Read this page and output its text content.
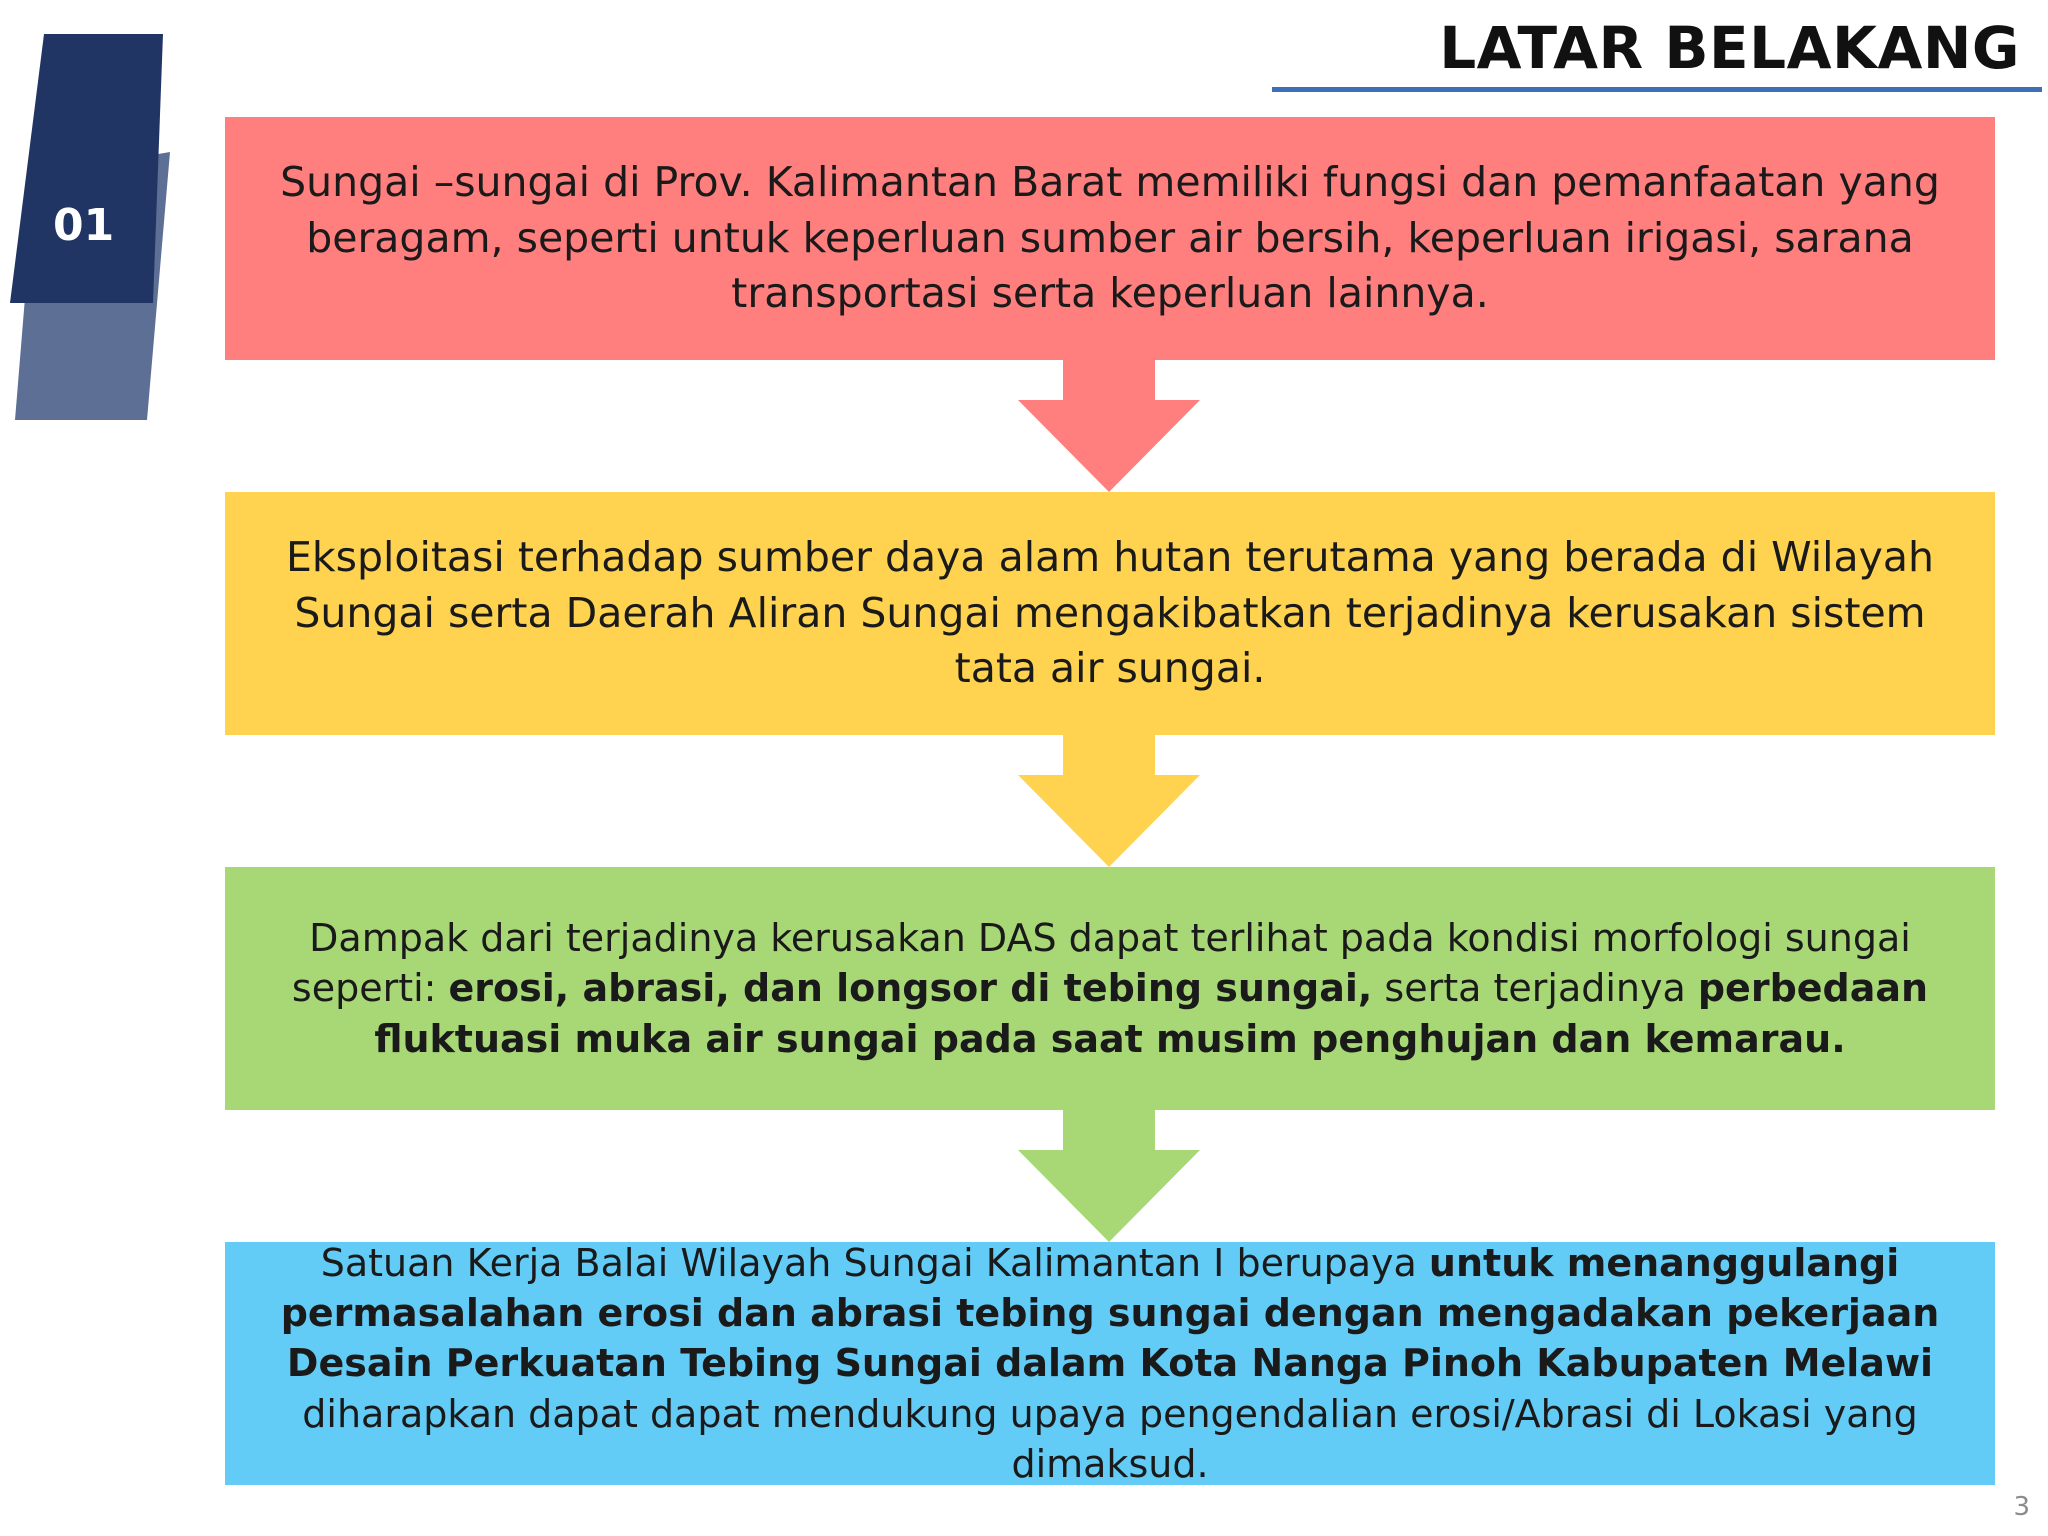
LATAR BELAKANG
01

Sungai –sungai di Prov. Kalimantan Barat memiliki fungsi dan pemanfaatan yang beragam, seperti untuk keperluan sumber air bersih, keperluan irigasi, sarana transportasi serta keperluan lainnya.

Eksploitasi terhadap sumber daya alam hutan terutama yang berada di Wilayah Sungai serta Daerah Aliran Sungai mengakibatkan terjadinya kerusakan sistem tata air sungai.

Dampak dari terjadinya kerusakan DAS dapat terlihat pada kondisi morfologi sungai seperti: erosi, abrasi, dan longsor di tebing sungai, serta terjadinya perbedaan fluktuasi muka air sungai pada saat musim penghujan dan kemarau.

Satuan Kerja Balai Wilayah Sungai Kalimantan I berupaya untuk menanggulangi permasalahan erosi dan abrasi tebing sungai dengan mengadakan pekerjaan Desain Perkuatan Tebing Sungai dalam Kota Nanga Pinoh Kabupaten Melawi diharapkan dapat dapat mendukung upaya pengendalian erosi/Abrasi di Lokasi yang dimaksud.

3
